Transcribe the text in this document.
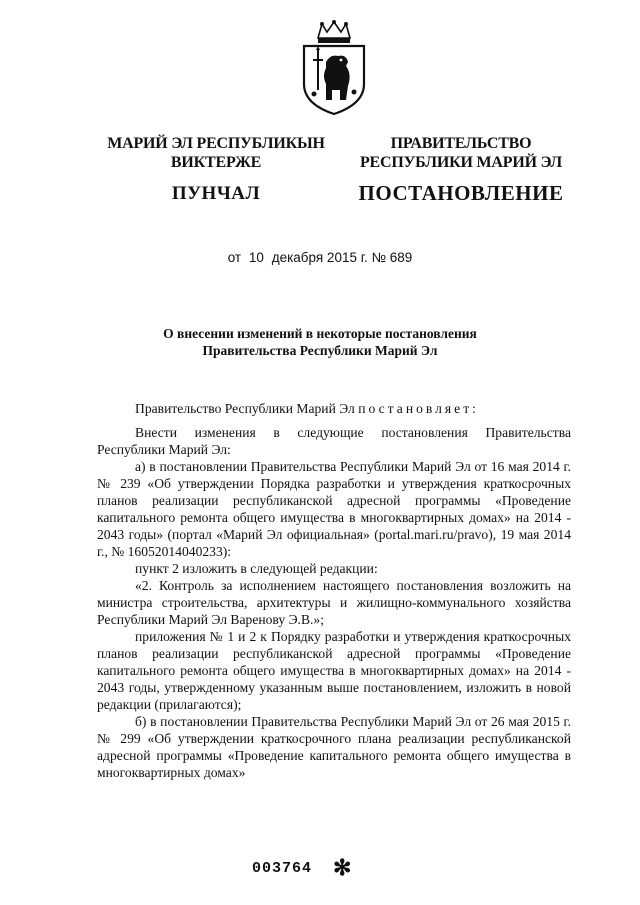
МАРИЙ ЭЛ РЕСПУБЛИКЫН
ВИКТЕРЖЕ
ПУНЧАЛ
ПРАВИТЕЛЬСТВО
РЕСПУБЛИКИ МАРИЙ ЭЛ
ПОСТАНОВЛЕНИЕ
от 10 декабря 2015 г. № 689
О внесении изменений в некоторые постановления
Правительства Республики Марий Эл

Правительство Республики Марий Эл постановляет:

Внести изменения в следующие постановления Правительства Республики Марий Эл:

а) в постановлении Правительства Республики Марий Эл от 16 мая 2014 г. № 239 «Об утверждении Порядка разработки и утверждения краткосрочных планов реализации республиканской адресной программы «Проведение капитального ремонта общего имущества в многоквартирных домах» на 2014 - 2043 годы» (портал «Марий Эл официальная» (portal.mari.ru/pravo), 19 мая 2014 г., № 16052014040233):

пункт 2 изложить в следующей редакции:

«2. Контроль за исполнением настоящего постановления возложить на министра строительства, архитектуры и жилищно-коммунального хозяйства Республики Марий Эл Варенову Э.В.»;

приложения № 1 и 2 к Порядку разработки и утверждения краткосрочных планов реализации республиканской адресной программы «Проведение капитального ремонта общего имущества в многоквартирных домах» на 2014 - 2043 годы, утвержденному указанным выше постановлением, изложить в новой редакции (прилагаются);

б) в постановлении Правительства Республики Марий Эл от 26 мая 2015 г. № 299 «Об утверждении краткосрочного плана реализации республиканской адресной программы «Проведение капитального ремонта общего имущества в многоквартирных домах»

003764 ✻
